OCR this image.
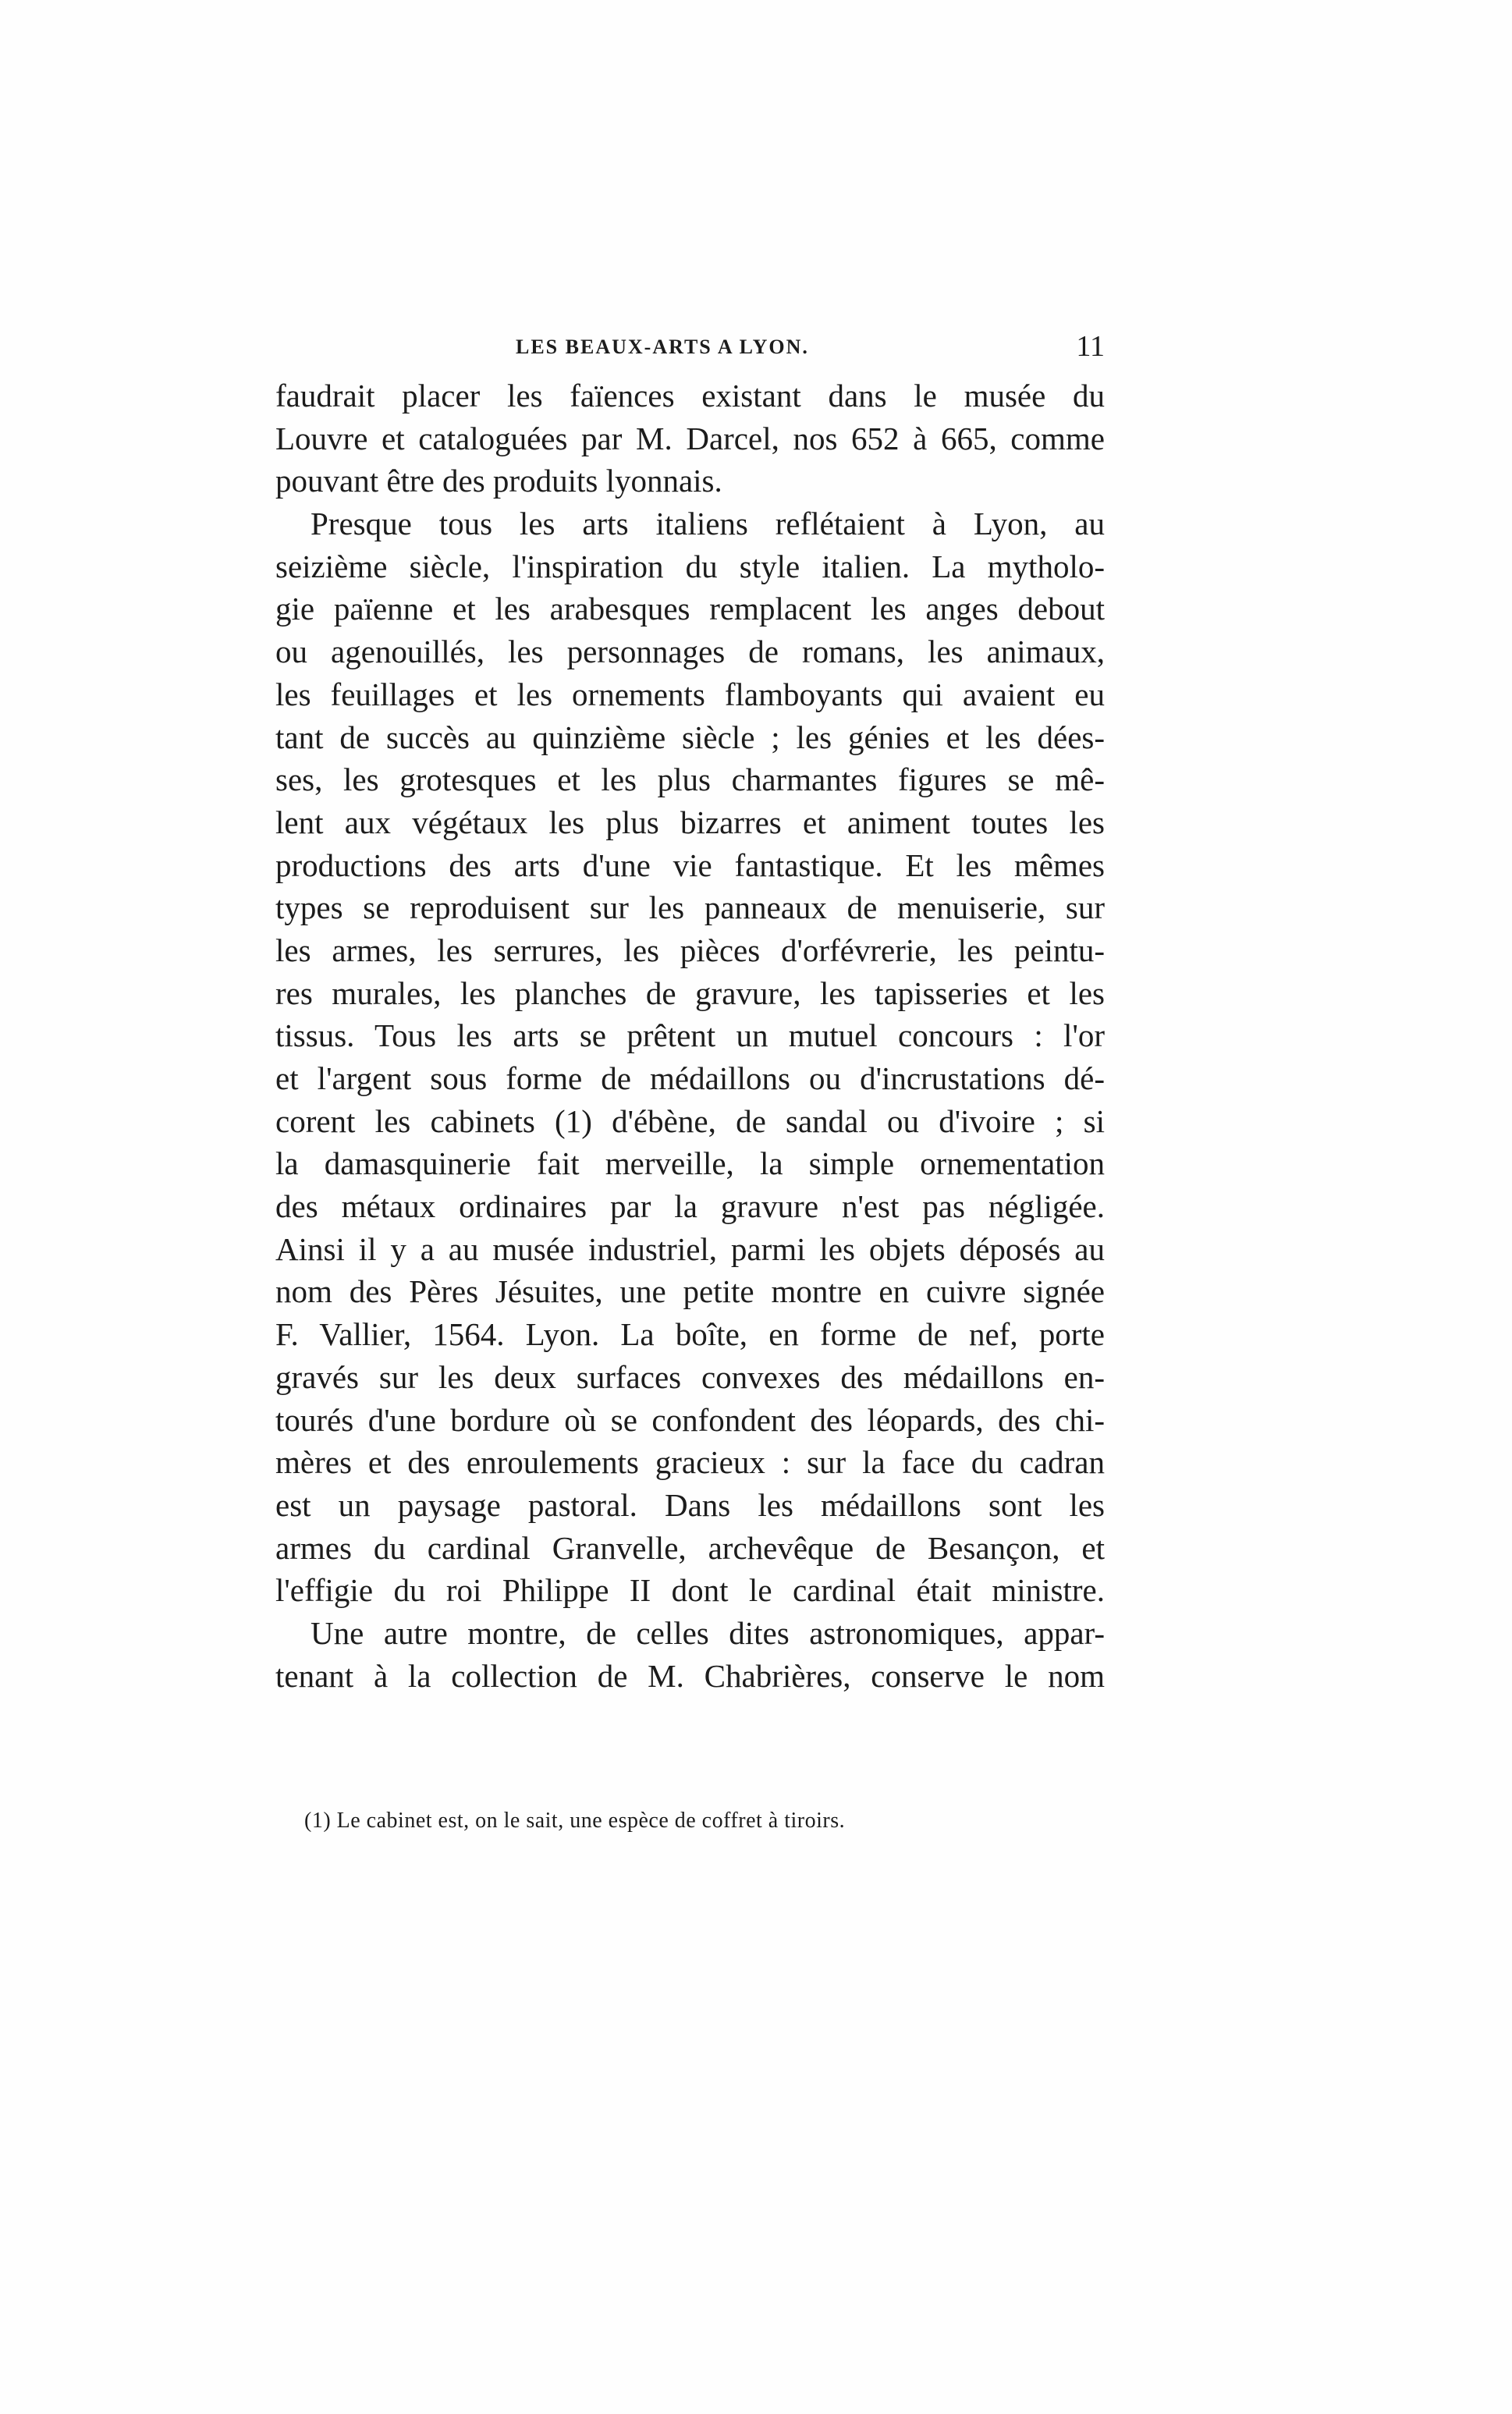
LES BEAUX-ARTS A LYON.	11
faudrait placer les faïences existant dans le musée du
Louvre et cataloguées par M. Darcel, nos 652 à 665, comme
pouvant être des produits lyonnais.
Presque tous les arts italiens reflétaient à Lyon, au
seizième siècle, l'inspiration du style italien. La mytholo-
gie païenne et les arabesques remplacent les anges debout
ou agenouillés, les personnages de romans, les animaux,
les feuillages et les ornements flamboyants qui avaient eu
tant de succès au quinzième siècle ; les génies et les dées-
ses, les grotesques et les plus charmantes figures se mê-
lent aux végétaux les plus bizarres et animent toutes les
productions des arts d'une vie fantastique. Et les mêmes
types se reproduisent sur les panneaux de menuiserie, sur
les armes, les serrures, les pièces d'orfévrerie, les peintu-
res murales, les planches de gravure, les tapisseries et les
tissus. Tous les arts se prêtent un mutuel concours : l'or
et l'argent sous forme de médaillons ou d'incrustations dé-
corent les cabinets (1) d'ébène, de sandal ou d'ivoire ; si
la damasquinerie fait merveille, la simple ornementation
des métaux ordinaires par la gravure n'est pas négligée.
Ainsi il y a au musée industriel, parmi les objets déposés au
nom des Pères Jésuites, une petite montre en cuivre signée
F. Vallier, 1564. Lyon. La boîte, en forme de nef, porte
gravés sur les deux surfaces convexes des médaillons en-
tourés d'une bordure où se confondent des léopards, des chi-
mères et des enroulements gracieux : sur la face du cadran
est un paysage pastoral. Dans les médaillons sont les
armes du cardinal Granvelle, archevêque de Besançon, et
l'effigie du roi Philippe II dont le cardinal était ministre.
Une autre montre, de celles dites astronomiques, appar-
tenant à la collection de M. Chabrières, conserve le nom
(1) Le cabinet est, on le sait, une espèce de coffret à tiroirs.
